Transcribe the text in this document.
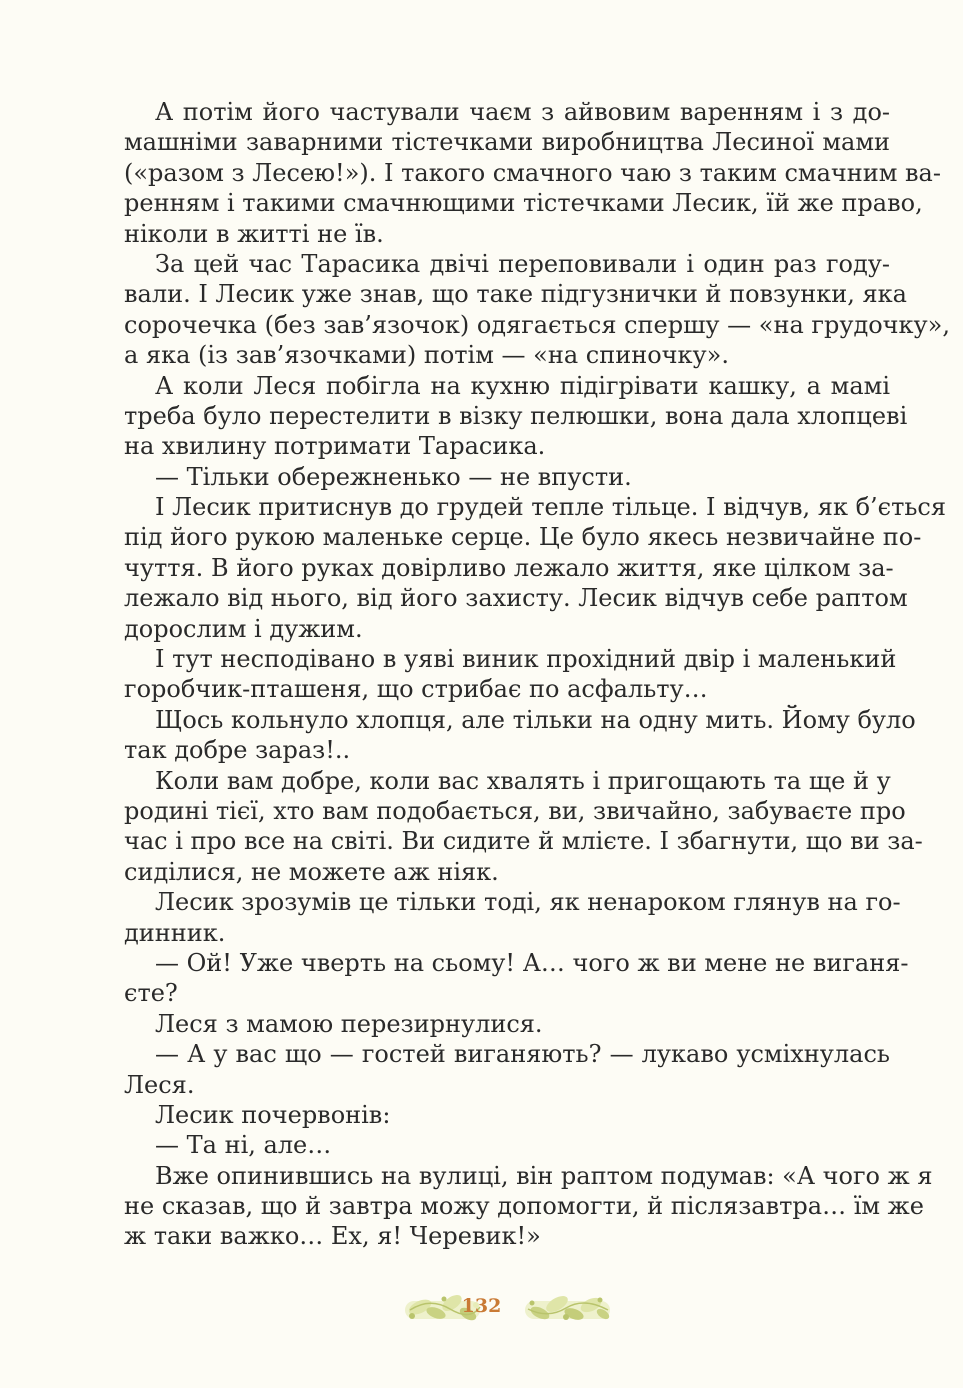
А потім його частували чаєм з айвовим варенням і з до-
машніми заварними тістечками виробництва Лесиної мами
(«разом з Лесею!»). І такого смачного чаю з таким смачним ва-
ренням і такими смачнющими тістечками Лесик, їй же право,
ніколи в житті не їв.
За цей час Тарасика двічі переповивали і один раз году-
вали. І Лесик уже знав, що таке підгузнички й повзунки, яка
сорочечка (без зав’язочок) одягається спершу — «на грудочку»,
а яка (із зав’язочками) потім — «на спиночку».
А коли Леся побігла на кухню підігрівати кашку, а мамі
треба було перестелити в візку пелюшки, вона дала хлопцеві
на хвилину потримати Тарасика.
— Тільки обережненько — не впусти.
І Лесик притиснув до грудей тепле тільце. І відчув, як б’ється
під його рукою маленьке серце. Це було якесь незвичайне по-
чуття. В його руках довірливо лежало життя, яке цілком за-
лежало від нього, від його захисту. Лесик відчув себе раптом
дорослим і дужим.
І тут несподівано в уяві виник прохідний двір і маленький
горобчик-пташеня, що стрибає по асфальту…
Щось кольнуло хлопця, але тільки на одну мить. Йому було
так добре зараз!..
Коли вам добре, коли вас хвалять і пригощають та ще й у
родині тієї, хто вам подобається, ви, звичайно, забуваєте про
час і про все на світі. Ви сидите й млієте. І збагнути, що ви за-
сиділися, не можете аж ніяк.
Лесик зрозумів це тільки тоді, як ненароком глянув на го-
динник.
— Ой! Уже чверть на сьому! А… чого ж ви мене не виганя-
єте?
Леся з мамою перезирнулися.
— А у вас що — гостей виганяють? — лукаво усміхнулась
Леся.
Лесик почервонів:
— Та ні, але…
Вже опинившись на вулиці, він раптом подумав: «А чого ж я
не сказав, що й завтра можу допомогти, й післязавтра… їм же
ж таки важко… Ех, я! Черевик!»
132
